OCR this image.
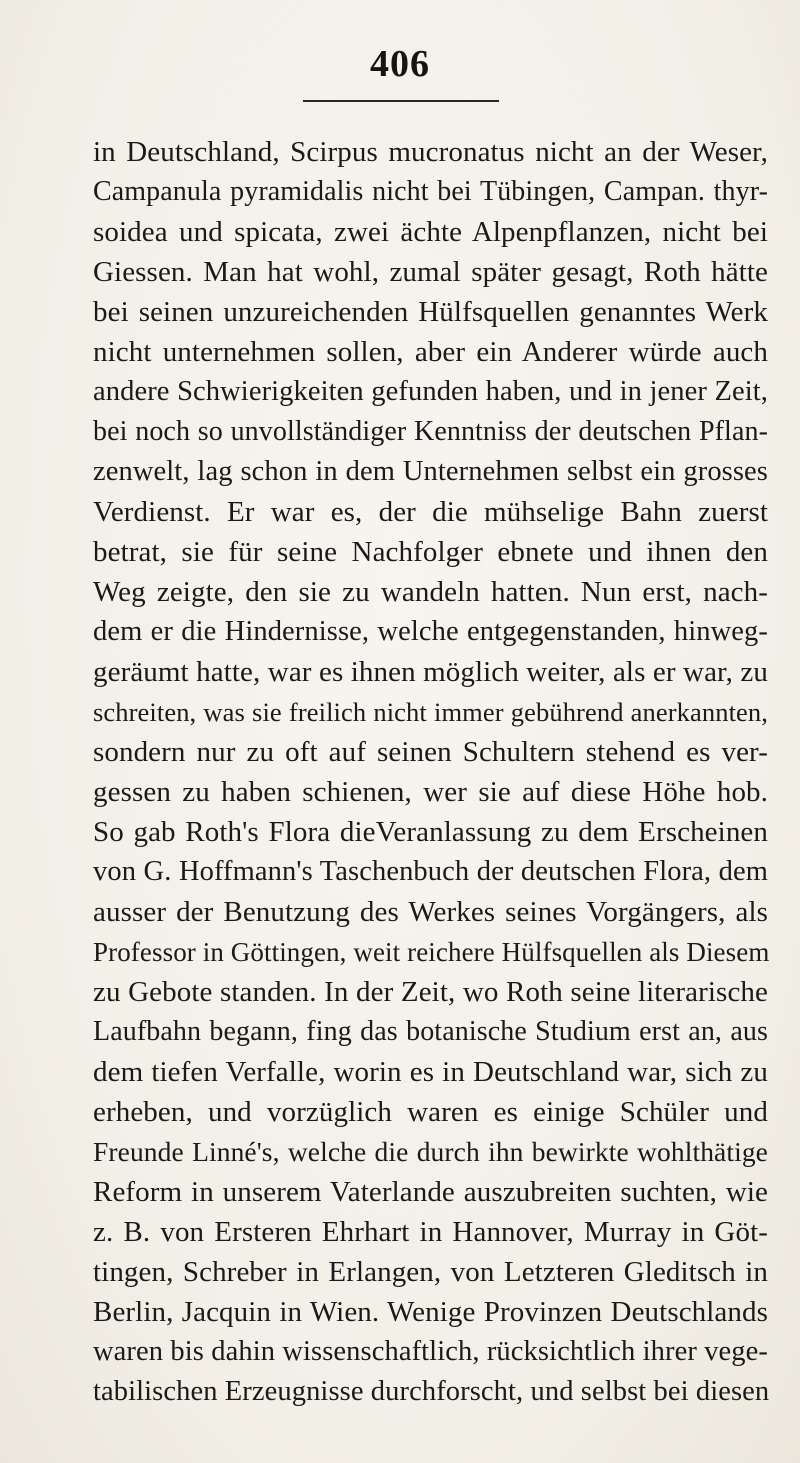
406
in Deutschland, Scirpus mucronatus nicht an der Weser,
Campanula pyramidalis nicht bei Tübingen, Campan. thyr-
soidea und spicata, zwei ächte Alpenpflanzen, nicht bei
Giessen. Man hat wohl, zumal später gesagt, Roth hätte
bei seinen unzureichenden Hülfsquellen genanntes Werk
nicht unternehmen sollen, aber ein Anderer würde auch
andere Schwierigkeiten gefunden haben, und in jener Zeit,
bei noch so unvollständiger Kenntniss der deutschen Pflan-
zenwelt, lag schon in dem Unternehmen selbst ein grosses
Verdienst. Er war es, der die mühselige Bahn zuerst
betrat, sie für seine Nachfolger ebnete und ihnen den
Weg zeigte, den sie zu wandeln hatten. Nun erst, nach-
dem er die Hindernisse, welche entgegenstanden, hinweg-
geräumt hatte, war es ihnen möglich weiter, als er war, zu
schreiten, was sie freilich nicht immer gebührend anerkannten,
sondern nur zu oft auf seinen Schultern stehend es ver-
gessen zu haben schienen, wer sie auf diese Höhe hob.
So gab Roth's Flora dieVeranlassung zu dem Erscheinen
von G. Hoffmann's Taschenbuch der deutschen Flora, dem
ausser der Benutzung des Werkes seines Vorgängers, als
Professor in Göttingen, weit reichere Hülfsquellen als Diesem
zu Gebote standen. In der Zeit, wo Roth seine literarische
Laufbahn begann, fing das botanische Studium erst an, aus
dem tiefen Verfalle, worin es in Deutschland war, sich zu
erheben, und vorzüglich waren es einige Schüler und
Freunde Linné's, welche die durch ihn bewirkte wohlthätige
Reform in unserem Vaterlande auszubreiten suchten, wie
z. B. von Ersteren Ehrhart in Hannover, Murray in Göt-
tingen, Schreber in Erlangen, von Letzteren Gleditsch in
Berlin, Jacquin in Wien. Wenige Provinzen Deutschlands
waren bis dahin wissenschaftlich, rücksichtlich ihrer vege-
tabilischen Erzeugnisse durchforscht, und selbst bei diesen
